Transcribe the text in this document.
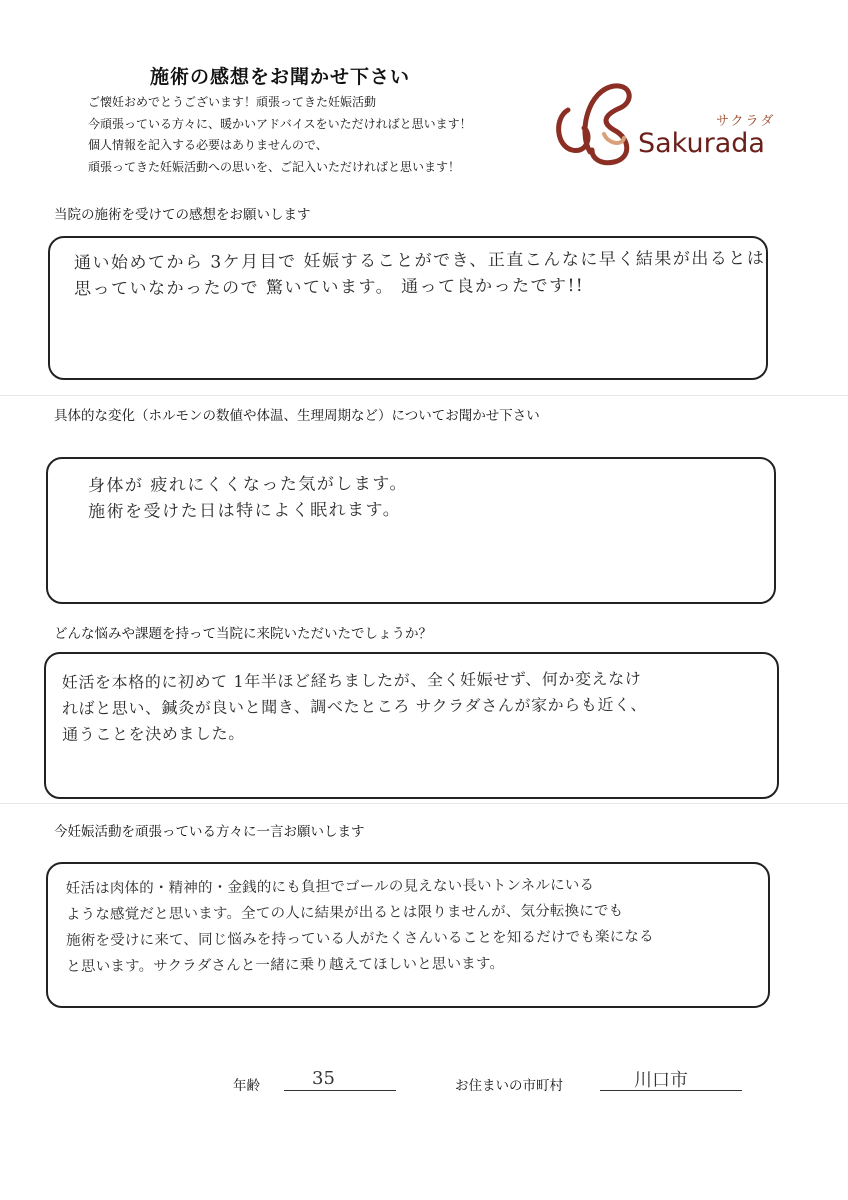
施術の感想をお聞かせ下さい
ご懐妊おめでとうございます！頑張ってきた妊娠活動
今頑張っている方々に、暖かいアドバイスをいただければと思います！
個人情報を記入する必要はありませんので、
頑張ってきた妊娠活動への思いを、ご記入いただければと思います！
サクラダ
Sakurada
当院の施術を受けての感想をお願いします
通い始めてから 3ケ月目で 妊娠することができ、正直こんなに早く結果が出るとは
思っていなかったので 驚いています。 通って良かったです!!
具体的な変化（ホルモンの数値や体温、生理周期など）についてお聞かせ下さい
身体が 疲れにくくなった気がします。
施術を受けた日は特によく眠れます。
どんな悩みや課題を持って当院に来院いただいたでしょうか？
妊活を本格的に初めて 1年半ほど経ちましたが、全く妊娠せず、何か変えなけ
ればと思い、鍼灸が良いと聞き、調べたところ サクラダさんが家からも近く、
通うことを決めました。
今妊娠活動を頑張っている方々に一言お願いします
妊活は肉体的・精神的・金銭的にも負担でゴールの見えない長いトンネルにいる
ような感覚だと思います。全ての人に結果が出るとは限りませんが、気分転換にでも
施術を受けに来て、同じ悩みを持っている人がたくさんいることを知るだけでも楽になる
と思います。サクラダさんと一緒に乗り越えてほしいと思います。
年齢	35	お住まいの市町村	川口市
